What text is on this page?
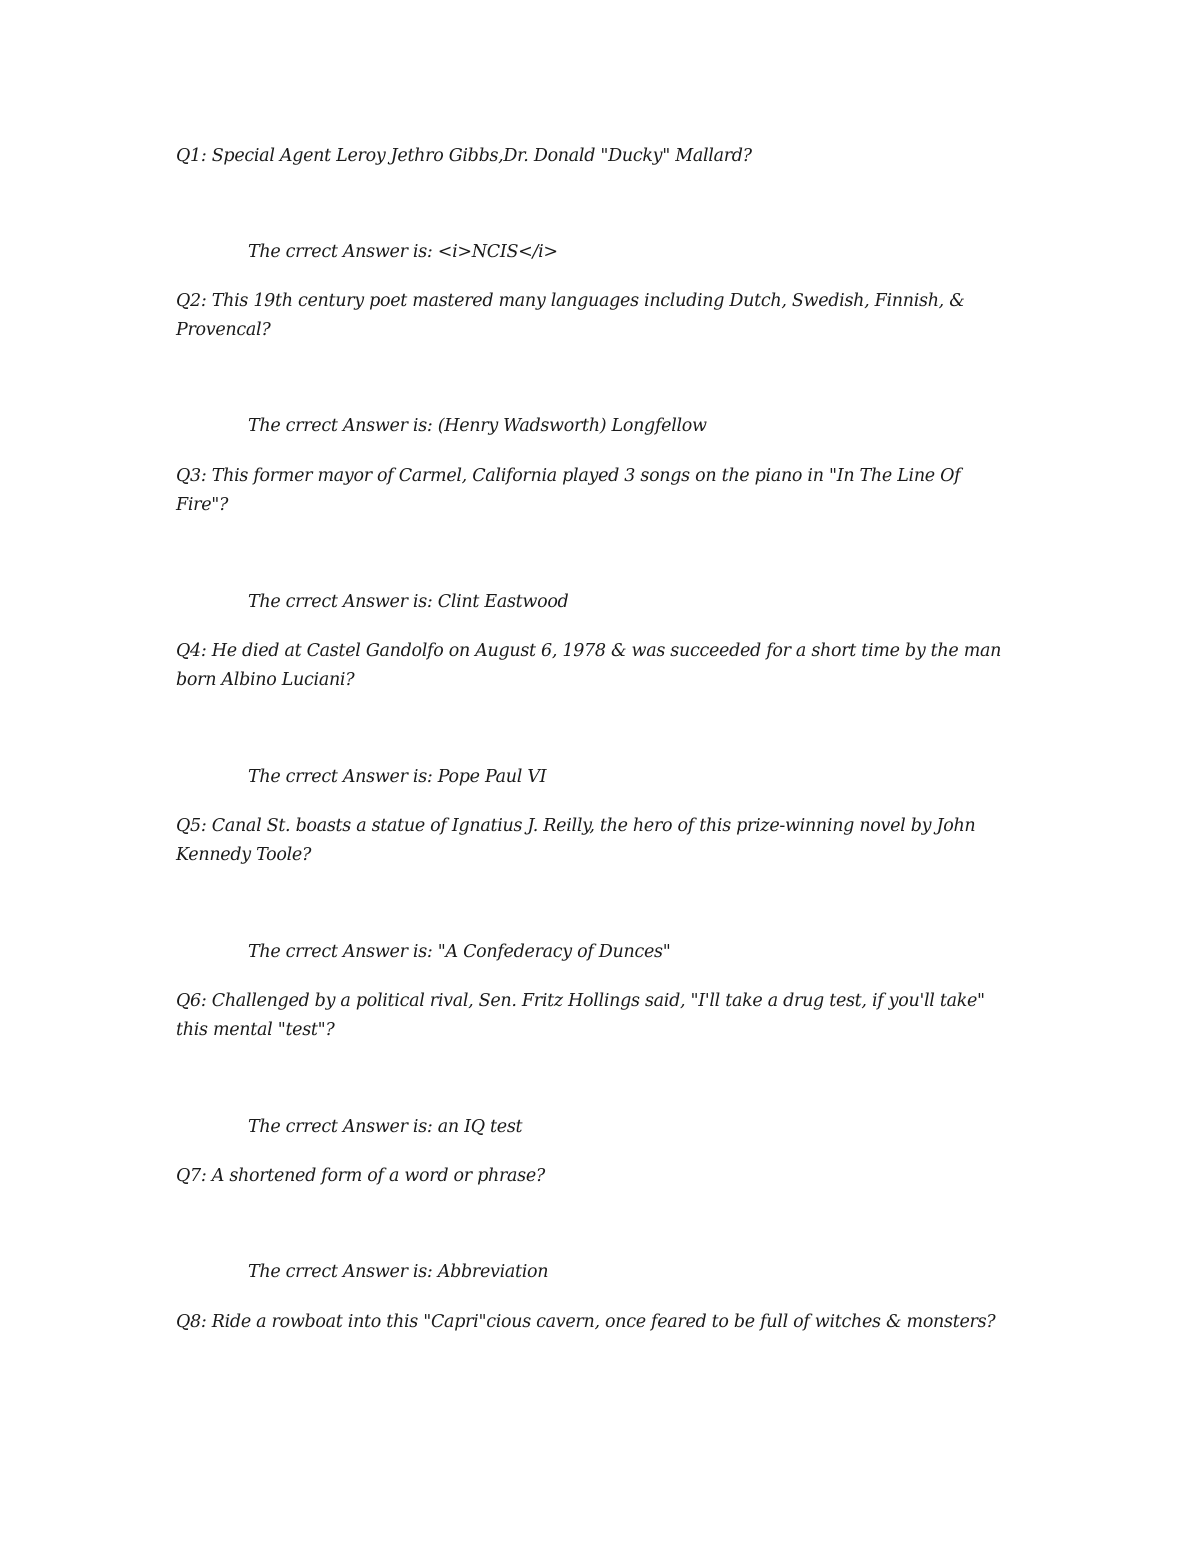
Q1: Special Agent Leroy Jethro Gibbs,Dr. Donald "Ducky" Mallard?
The crrect Answer is: <i>NCIS</i>
Q2: This 19th century poet mastered many languages including Dutch, Swedish, Finnish, &
Provencal?
The crrect Answer is: (Henry Wadsworth) Longfellow
Q3: This former mayor of Carmel, California played 3 songs on the piano in "In The Line Of
Fire"?
The crrect Answer is: Clint Eastwood
Q4: He died at Castel Gandolfo on August 6, 1978 & was succeeded for a short time by the man
born Albino Luciani?
The crrect Answer is: Pope Paul VI
Q5: Canal St. boasts a statue of Ignatius J. Reilly, the hero of this prize-winning novel by John
Kennedy Toole?
The crrect Answer is: "A Confederacy of Dunces"
Q6: Challenged by a political rival, Sen. Fritz Hollings said, "I'll take a drug test, if you'll take"
this mental "test"?
The crrect Answer is: an IQ test
Q7: A shortened form of a word or phrase?
The crrect Answer is: Abbreviation
Q8: Ride a rowboat into this "Capri"cious cavern, once feared to be full of witches & monsters?
